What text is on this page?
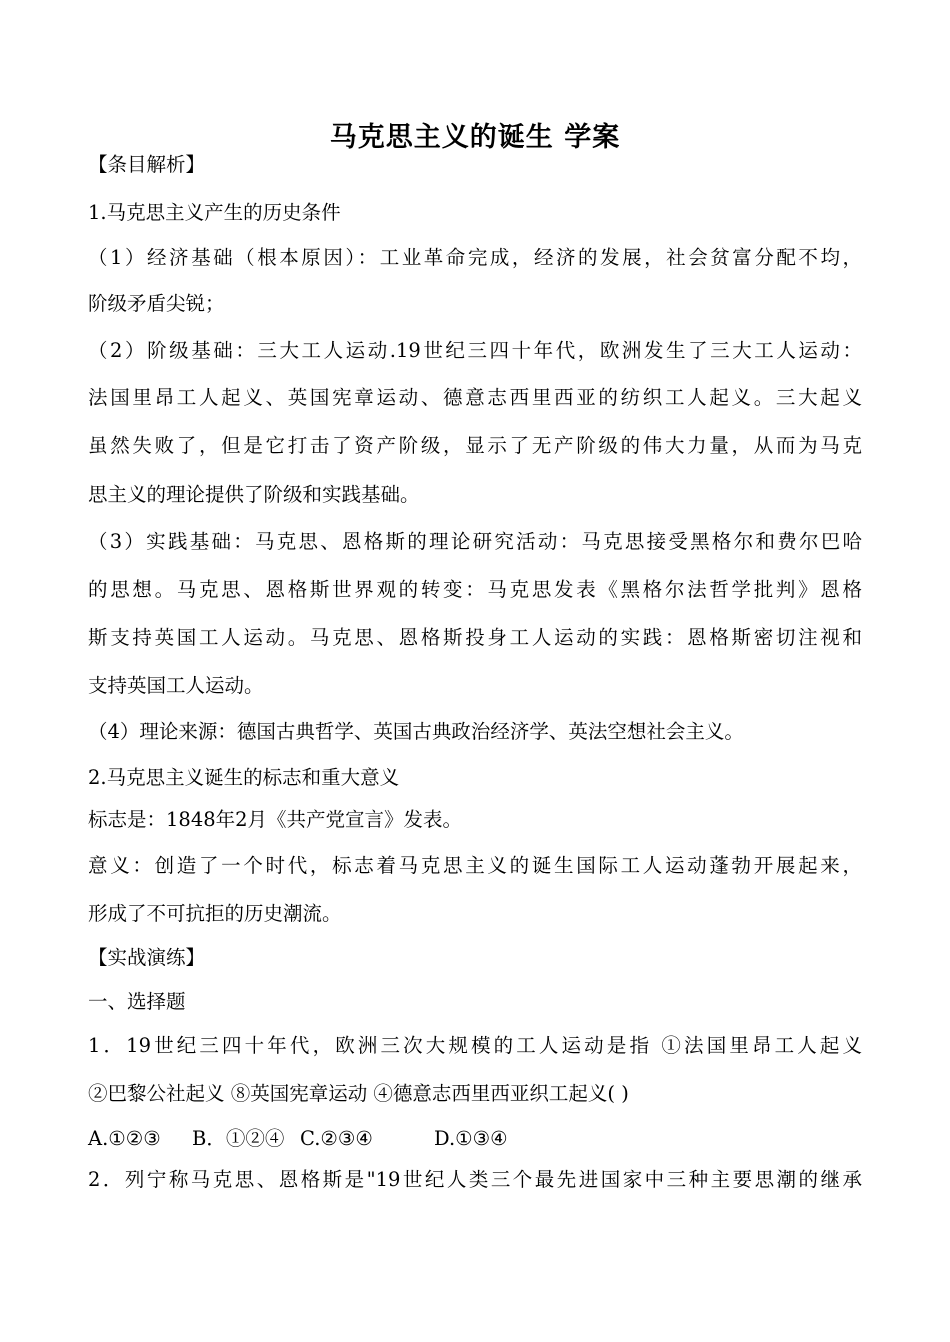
马克思主义的诞生 学案
【条目解析】
1.马克思主义产生的历史条件
（1）经济基础（根本原因）：工业革命完成，经济的发展，社会贫富分配不均，
阶级矛盾尖锐；
（2）阶级基础：三大工人运动.19世纪三四十年代，欧洲发生了三大工人运动：
法国里昂工人起义、英国宪章运动、德意志西里西亚的纺织工人起义。三大起义
虽然失败了，但是它打击了资产阶级，显示了无产阶级的伟大力量，从而为马克
思主义的理论提供了阶级和实践基础。
（3）实践基础：马克思、恩格斯的理论研究活动：马克思接受黑格尔和费尔巴哈
的思想。马克思、恩格斯世界观的转变：马克思发表《黑格尔法哲学批判》恩格
斯支持英国工人运动。马克思、恩格斯投身工人运动的实践：恩格斯密切注视和
支持英国工人运动。
（4）理论来源：德国古典哲学、英国古典政治经济学、英法空想社会主义。
2.马克思主义诞生的标志和重大意义
标志是：1848年2月《共产党宣言》发表。
意义：创造了一个时代，标志着马克思主义的诞生国际工人运动蓬勃开展起来，
形成了不可抗拒的历史潮流。
【实战演练】
一、选择题
1．19世纪三四十年代，欧洲三次大规模的工人运动是指 ①法国里昂工人起义
②巴黎公社起义 ⑧英国宪章运动 ④德意志西里西亚织工起义( )
A.①②③ B．①②④ C.②③④	D.①③④
2．列宁称马克思、恩格斯是"19世纪人类三个最先进国家中三种主要思潮的继承
